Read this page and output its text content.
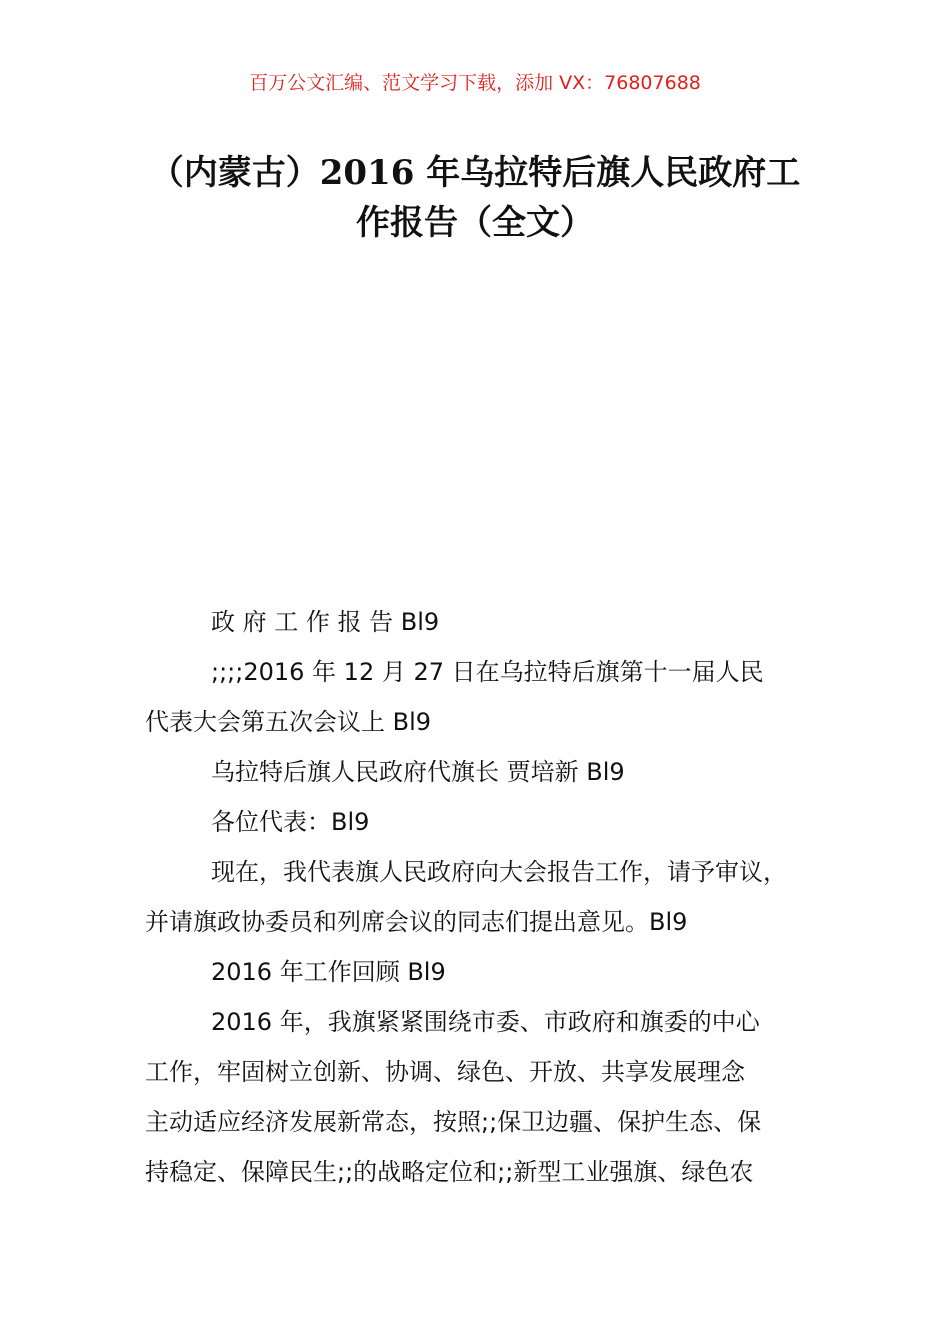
百万公文汇编、范文学习下载，添加 VX：76807688
（内蒙古）2016 年乌拉特后旗人民政府工
作报告（全文）
政 府 工 作 报 告 Bl9
;;;;2016 年 12 月 27 日在乌拉特后旗第十一届人民
代表大会第五次会议上 Bl9
乌拉特后旗人民政府代旗长 贾培新 Bl9
各位代表：Bl9
现在，我代表旗人民政府向大会报告工作，请予审议，
并请旗政协委员和列席会议的同志们提出意见。Bl9
2016 年工作回顾 Bl9
2016 年，我旗紧紧围绕市委、市政府和旗委的中心
工作，牢固树立创新、协调、绿色、开放、共享发展理念
主动适应经济发展新常态，按照;;保卫边疆、保护生态、保
持稳定、保障民生;;的战略定位和;;新型工业强旗、绿色农
